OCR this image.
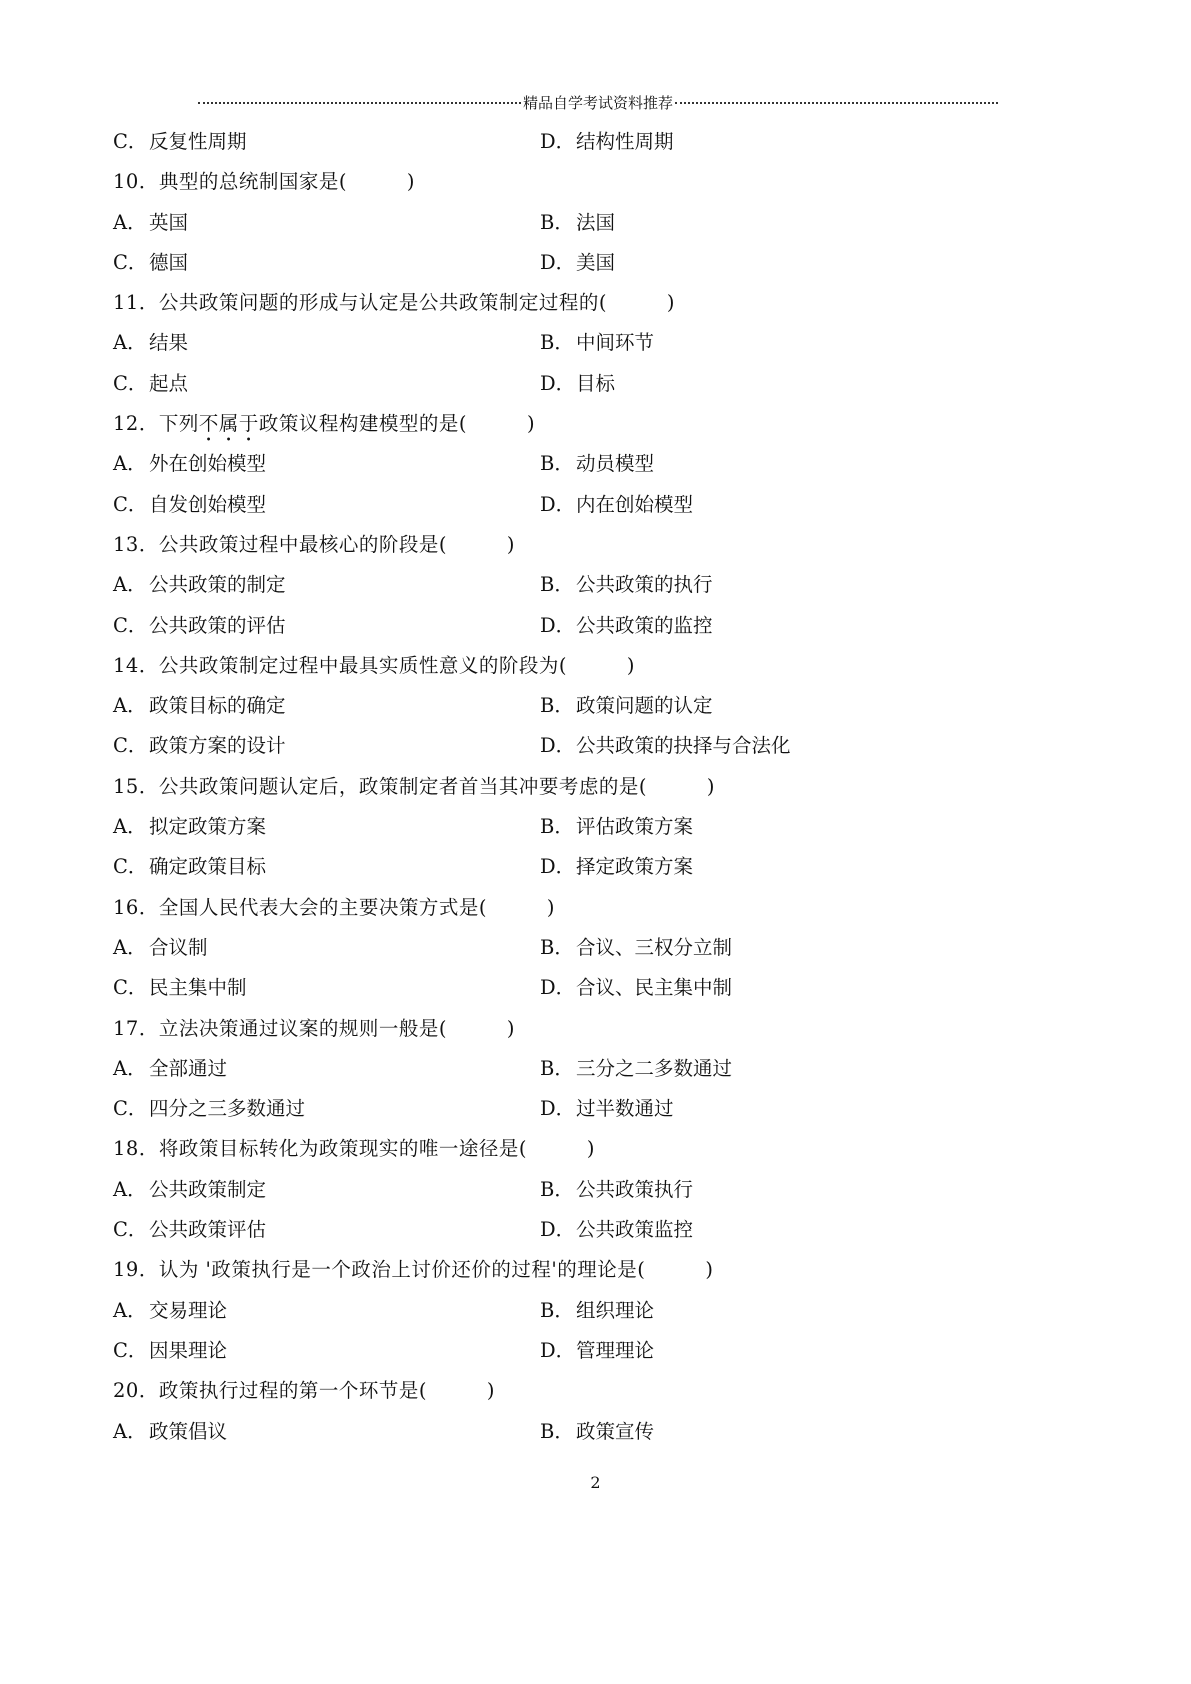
精品自学考试资料推荐
C．反复性周期	D．结构性周期
10．典型的总统制国家是(　　　)
A． 英国	B． 法国
C．德国	D．美国
11．公共政策问题的形成与认定是公共政策制定过程的(　　　)
A． 结果	B． 中间环节
C．起点	D．目标
12．下列不属于政策议程构建模型的是(　　　)
A． 外在创始模型	B． 动员模型
C．自发创始模型	D．内在创始模型
13．公共政策过程中最核心的阶段是(　　　)
A． 公共政策的制定	B． 公共政策的执行
C．公共政策的评估	D．公共政策的监控
14．公共政策制定过程中最具实质性意义的阶段为(　　　)
A． 政策目标的确定	B． 政策问题的认定
C．政策方案的设计	D．公共政策的抉择与合法化
15．公共政策问题认定后，政策制定者首当其冲要考虑的是(　　　)
A． 拟定政策方案	B． 评估政策方案
C．确定政策目标	D．择定政策方案
16．全国人民代表大会的主要决策方式是(　　　)
A． 合议制	B． 合议、三权分立制
C．民主集中制	D．合议、民主集中制
17．立法决策通过议案的规则一般是(　　　)
A． 全部通过	B． 三分之二多数通过
C．四分之三多数通过	D．过半数通过
18．将政策目标转化为政策现实的唯一途径是(　　　)
A． 公共政策制定	B． 公共政策执行
C．公共政策评估	D．公共政策监控
19．认为 '政策执行是一个政治上讨价还价的过程'的理论是(　　　)
A． 交易理论	B． 组织理论
C．因果理论	D．管理理论
20．政策执行过程的第一个环节是(　　　)
A． 政策倡议	B． 政策宣传
2
